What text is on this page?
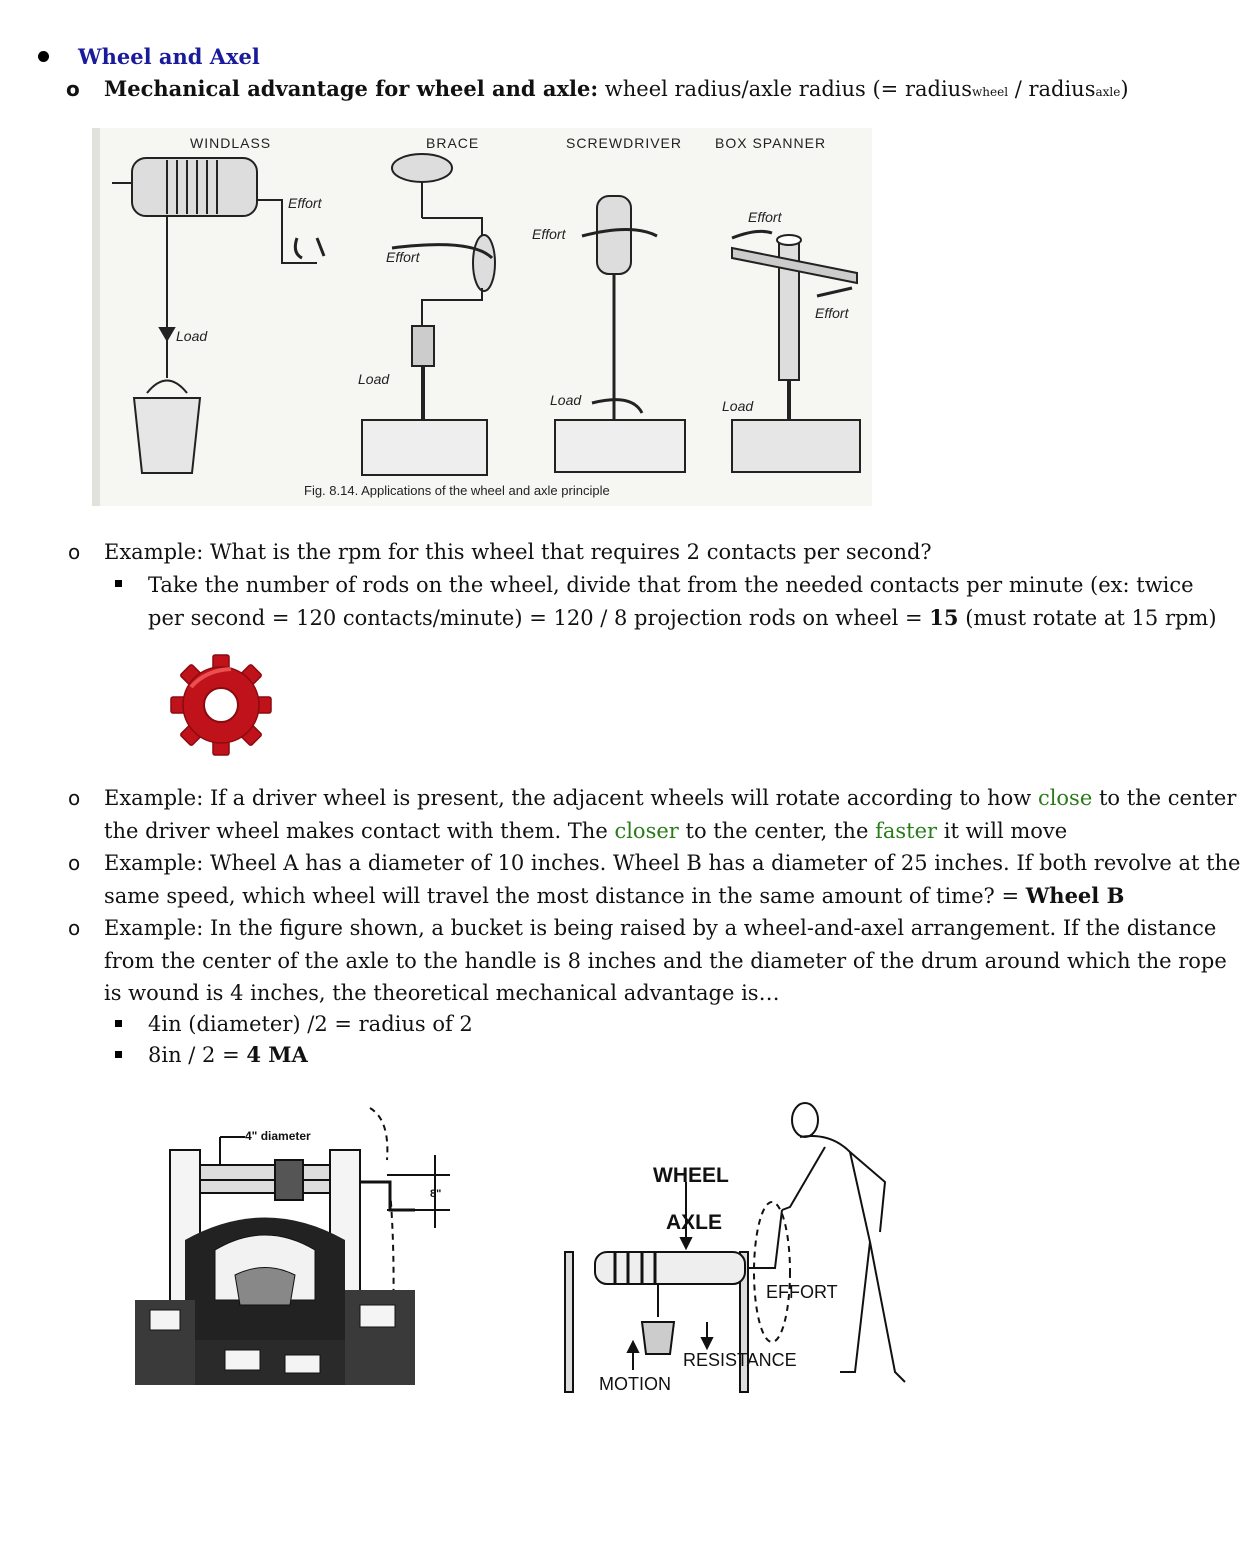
Wheel and Axel
o Mechanical advantage for wheel and axle: wheel radius/axle radius (= radiuswheel / radiusaxle)
WINDLASS	BRACE	SCREWDRIVER BOX SPANNER
Effort
Load
Effort
Load
Effort
Load
Effort
Effort
Load
Fig. 8.14. Applications of the wheel and axle principle
o Example: What is the rpm for this wheel that requires 2 contacts per second?
Take the number of rods on the wheel, divide that from the needed contacts per minute (ex: twice
per second = 120 contacts/minute) = 120 / 8 projection rods on wheel = 15 (must rotate at 15 rpm)
o Example: If a driver wheel is present, the adjacent wheels will rotate according to how close to the center
the driver wheel makes contact with them. The closer to the center, the faster it will move
o Example: Wheel A has a diameter of 10 inches. Wheel B has a diameter of 25 inches. If both revolve at the
same speed, which wheel will travel the most distance in the same amount of time? = Wheel B
o Example: In the figure shown, a bucket is being raised by a wheel-and-axel arrangement. If the distance
from the center of the axle to the handle is 8 inches and the diameter of the drum around which the rope
is wound is 4 inches, the theoretical mechanical advantage is…
4in (diameter) /2 = radius of 2
8in / 2 = 4 MA
4" diameter
8"
WHEEL
AXLE
EFFORT
RESISTANCE
MOTION
